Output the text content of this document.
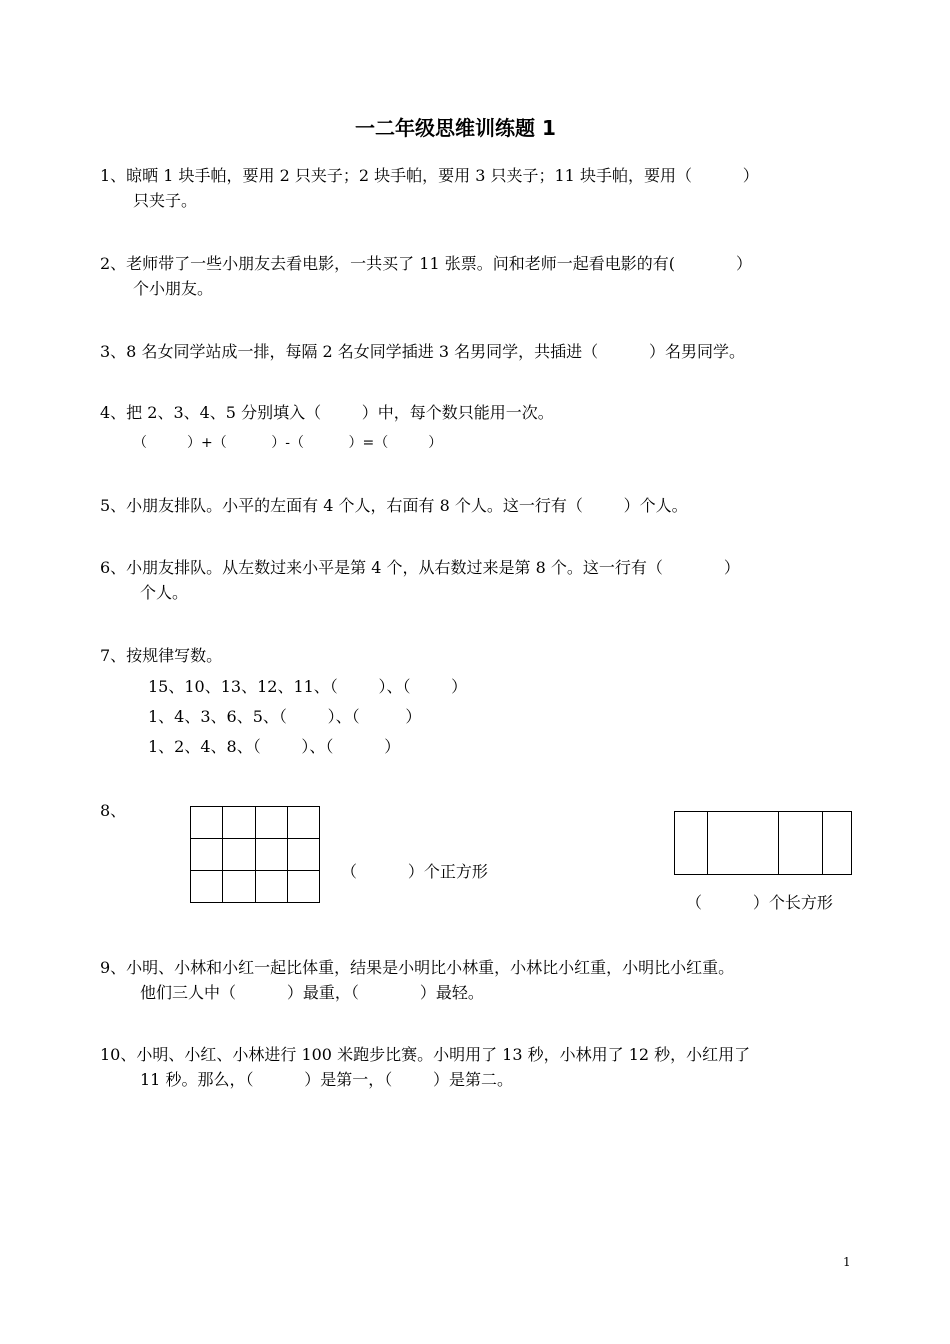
一二年级思维训练题 1
1、晾晒 1 块手帕，要用 2 只夹子；2 块手帕，要用 3 只夹子；11 块手帕，要用（          ）
只夹子。
2、老师带了一些小朋友去看电影，一共买了 11 张票。问和老师一起看电影的有(            ）
个小朋友。
3、8 名女同学站成一排，每隔 2 名女同学插进 3 名男同学，共插进（          ）名男同学。
4、把 2、3、4、5 分别填入（        ）中，每个数只能用一次。
（         ）+（          ）-（          ）=（         ）
5、小朋友排队。小平的左面有 4 个人，右面有 8 个人。这一行有（        ）个人。
6、小朋友排队。从左数过来小平是第 4 个，从右数过来是第 8 个。这一行有（            ）
个人。
7、按规律写数。
15、10、13、12、11、（        ）、（        ）
1、4、3、6、5、（        ）、（         ）
1、2、4、8、（        ）、（          ）
8、

（          ）个正方形
（          ）个长方形
9、小明、小林和小红一起比体重，结果是小明比小林重，小林比小红重，小明比小红重。
他们三人中（          ）最重，（            ）最轻。
10、小明、小红、小林进行 100 米跑步比赛。小明用了 13 秒，小林用了 12 秒，小红用了
11 秒。那么，（          ）是第一，（        ）是第二。
1
